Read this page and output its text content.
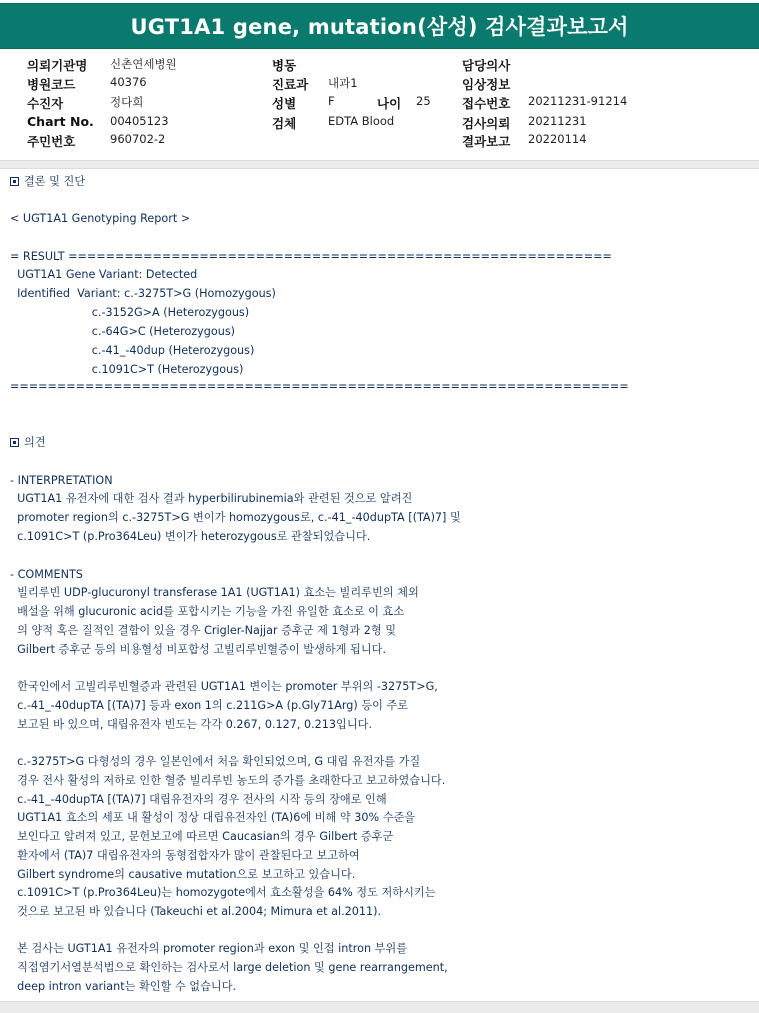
UGT1A1 gene, mutation(삼성) 검사결과보고서
의뢰기관명 신촌연세병원	병동	담당의사
병원코드	40376	진료과 내과1	임상정보
수진자	정다희	성별	F	나이 25	접수번호 20211231-91214
Chart No. 00405123	검체	EDTA Blood	검사의뢰 20211231
주민번호	960702-2	결과보고 20220114
결론 및 진단
< UGT1A1 Genotyping Report >
= RESULT ==========================================================
UGT1A1 Gene Variant: Detected
Identified  Variant: c.-3275T>G (Homozygous)
c.-3152G>A (Heterozygous)
c.-64G>C (Heterozygous)
c.-41_-40dup (Heterozygous)
c.1091C>T (Heterozygous)
==================================================================
의견
- INTERPRETATION
UGT1A1 유전자에 대한 검사 결과 hyperbilirubinemia와 관련된 것으로 알려진
promoter region의 c.-3275T>G 변이가 homozygous로, c.-41_-40dupTA [(TA)7] 및
c.1091C>T (p.Pro364Leu) 변이가 heterozygous로 관찰되었습니다.
- COMMENTS
빌리루빈 UDP-glucuronyl transferase 1A1 (UGT1A1) 효소는 빌리루빈의 체외
배설을 위해 glucuronic acid를 포합시키는 기능을 가진 유일한 효소로 이 효소
의 양적 혹은 질적인 결함이 있을 경우 Crigler-Najjar 증후군 제 1형과 2형 및
Gilbert 증후군 등의 비용혈성 비포합성 고빌리루빈혈증이 발생하게 됩니다.
한국인에서 고빌리루빈혈증과 관련된 UGT1A1 변이는 promoter 부위의 -3275T>G,
c.-41_-40dupTA [(TA)7] 등과 exon 1의 c.211G>A (p.Gly71Arg) 등이 주로
보고된 바 있으며, 대립유전자 빈도는 각각 0.267, 0.127, 0.213입니다.
c.-3275T>G 다형성의 경우 일본인에서 처음 확인되었으며, G 대립 유전자를 가질
경우 전사 활성의 저하로 인한 혈중 빌리루빈 농도의 증가를 초래한다고 보고하였습니다.
c.-41_-40dupTA [(TA)7] 대립유전자의 경우 전사의 시작 등의 장애로 인해
UGT1A1 효소의 세포 내 활성이 정상 대립유전자인 (TA)6에 비해 약 30% 수준을
보인다고 알려져 있고, 문헌보고에 따르면 Caucasian의 경우 Gilbert 증후군
환자에서 (TA)7 대립유전자의 동형접합자가 많이 관찰된다고 보고하여
Gilbert syndrome의 causative mutation으로 보고하고 있습니다.
c.1091C>T (p.Pro364Leu)는 homozygote에서 효소활성을 64% 정도 저하시키는
것으로 보고된 바 있습니다 (Takeuchi et al.2004; Mimura et al.2011).
본 검사는 UGT1A1 유전자의 promoter region과 exon 및 인접 intron 부위를
직접염기서열분석법으로 확인하는 검사로서 large deletion 및 gene rearrangement,
deep intron variant는 확인할 수 없습니다.
